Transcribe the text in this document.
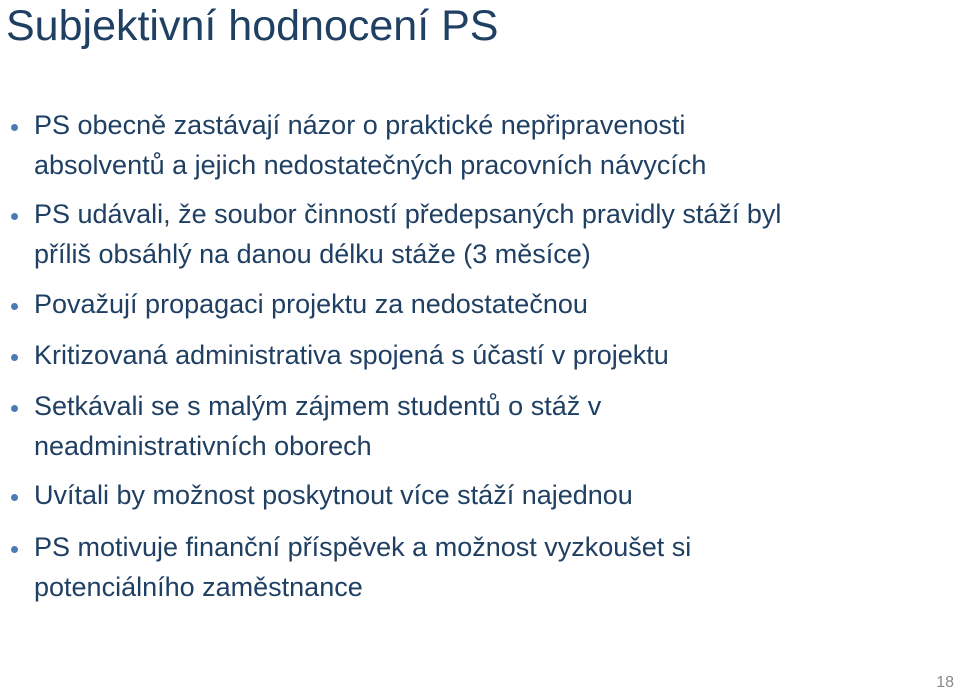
Subjektivní hodnocení PS
PS obecně zastávají názor o praktické nepřipravenosti
absolventů a jejich nedostatečných pracovních návycích
PS udávali, že soubor činností předepsaných pravidly stáží byl
příliš obsáhlý na danou délku stáže (3 měsíce)
Považují propagaci projektu za nedostatečnou
Kritizovaná administrativa spojená s účastí v projektu
Setkávali se s malým zájmem studentů o stáž v
neadministrativních oborech
Uvítali by možnost poskytnout více stáží najednou
PS motivuje finanční příspěvek a možnost vyzkoušet si
potenciálního zaměstnance
18
